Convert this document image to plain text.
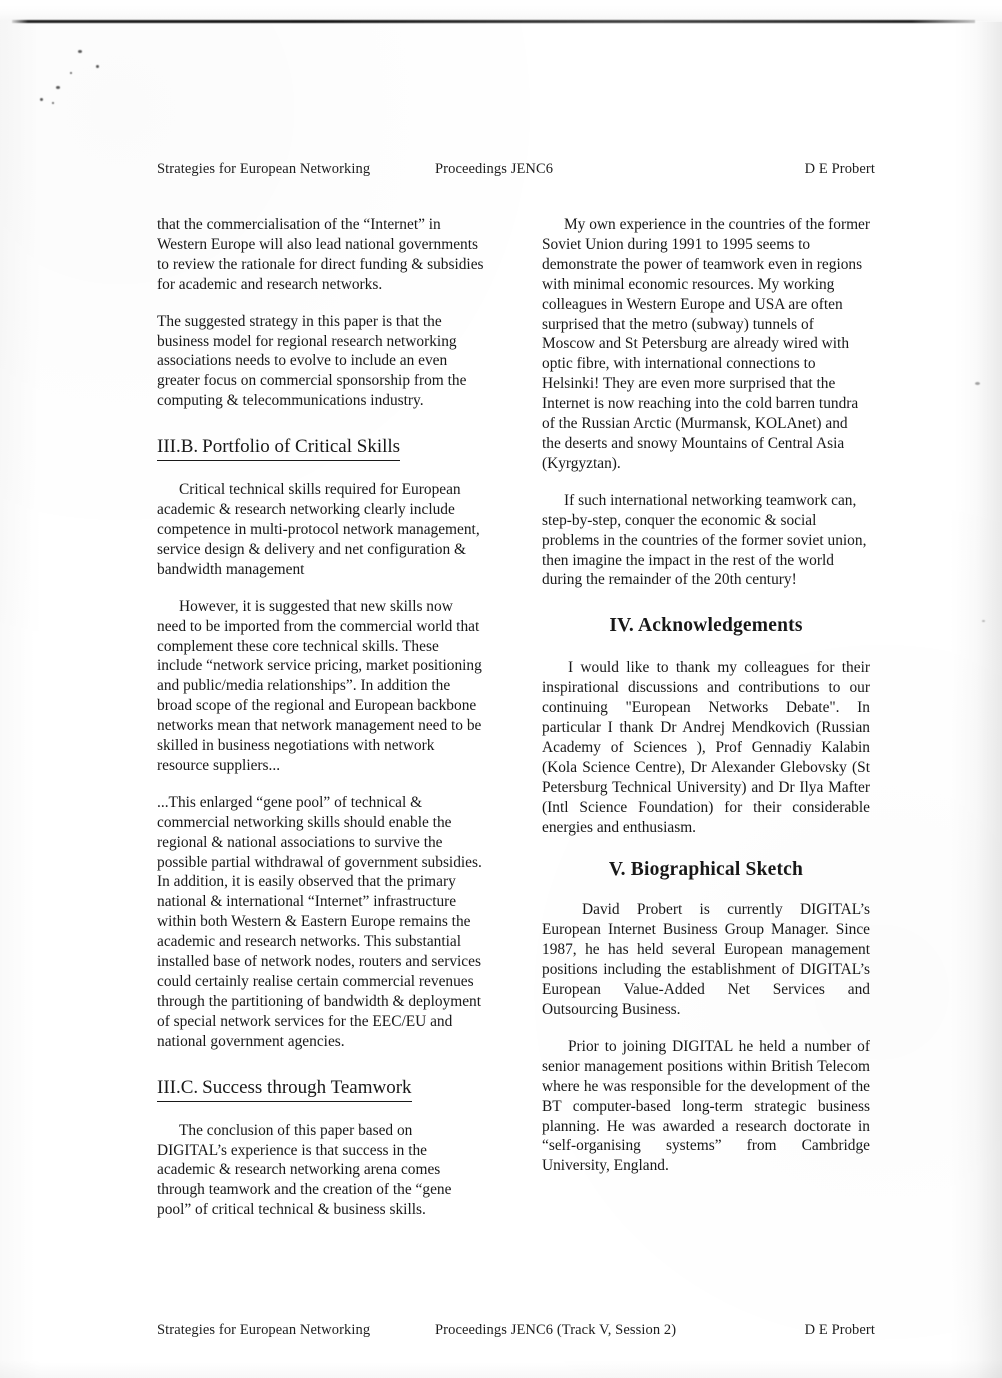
Strategies for European Networking	Proceedings JENC6	D E Probert

that the commercialisation of the “Internet” in Western Europe will also lead national governments to review the rationale for direct funding & subsidies for academic and research networks.

The suggested strategy in this paper is that the business model for regional research networking associations needs to evolve to include an even greater focus on commercial sponsorship from the computing & telecommunications industry.

III.B. Portfolio of Critical Skills

Critical technical skills required for European academic & research networking clearly include competence in multi-protocol network management, service design & delivery and net configuration & bandwidth management

However, it is suggested that new skills now need to be imported from the commercial world that complement these core technical skills. These include “network service pricing, market positioning and public/media relationships”. In addition the broad scope of the regional and European backbone networks mean that network management need to be skilled in business negotiations with network resource suppliers...

...This enlarged “gene pool” of technical & commercial networking skills should enable the regional & national associations to survive the possible partial withdrawal of government subsidies. In addition, it is easily observed that the primary national & international “Internet” infrastructure within both Western & Eastern Europe remains the academic and research networks. This substantial installed base of network nodes, routers and services could certainly realise certain commercial revenues through the partitioning of bandwidth & deployment of special network services for the EEC/EU and national government agencies.

III.C. Success through Teamwork

The conclusion of this paper based on DIGITAL’s experience is that success in the academic & research networking arena comes through teamwork and the creation of the “gene pool” of critical technical & business skills.

My own experience in the countries of the former Soviet Union during 1991 to 1995 seems to demonstrate the power of teamwork even in regions with minimal economic resources. My working colleagues in Western Europe and USA are often surprised that the metro (subway) tunnels of Moscow and St Petersburg are already wired with optic fibre, with international connections to Helsinki! They are even more surprised that the Internet is now reaching into the cold barren tundra of the Russian Arctic (Murmansk, KOLAnet) and the deserts and snowy Mountains of Central Asia (Kyrgyztan).

If such international networking teamwork can, step-by-step, conquer the economic & social problems in the countries of the former soviet union, then imagine the impact in the rest of the world during the remainder of the 20th century!

IV. Acknowledgements

I would like to thank my colleagues for their inspirational discussions and contributions to our continuing "European Networks Debate". In particular I thank Dr Andrej Mendkovich (Russian Academy of Sciences ), Prof Gennadiy Kalabin (Kola Science Centre), Dr Alexander Glebovsky (St Petersburg Technical University) and Dr Ilya Mafter (Intl Science Foundation) for their considerable energies and enthusiasm.

V. Biographical Sketch

David Probert is currently DIGITAL’s European Internet Business Group Manager. Since 1987, he has held several European management positions including the establishment of DIGITAL’s European Value-Added Net Services and Outsourcing Business.

Prior to joining DIGITAL he held a number of senior management positions within British Telecom where he was responsible for the development of the BT computer-based long-term strategic business planning. He was awarded a research doctorate in “self-organising systems” from Cambridge University, England.

Strategies for European Networking	Proceedings JENC6 (Track V, Session 2)	D E Probert
